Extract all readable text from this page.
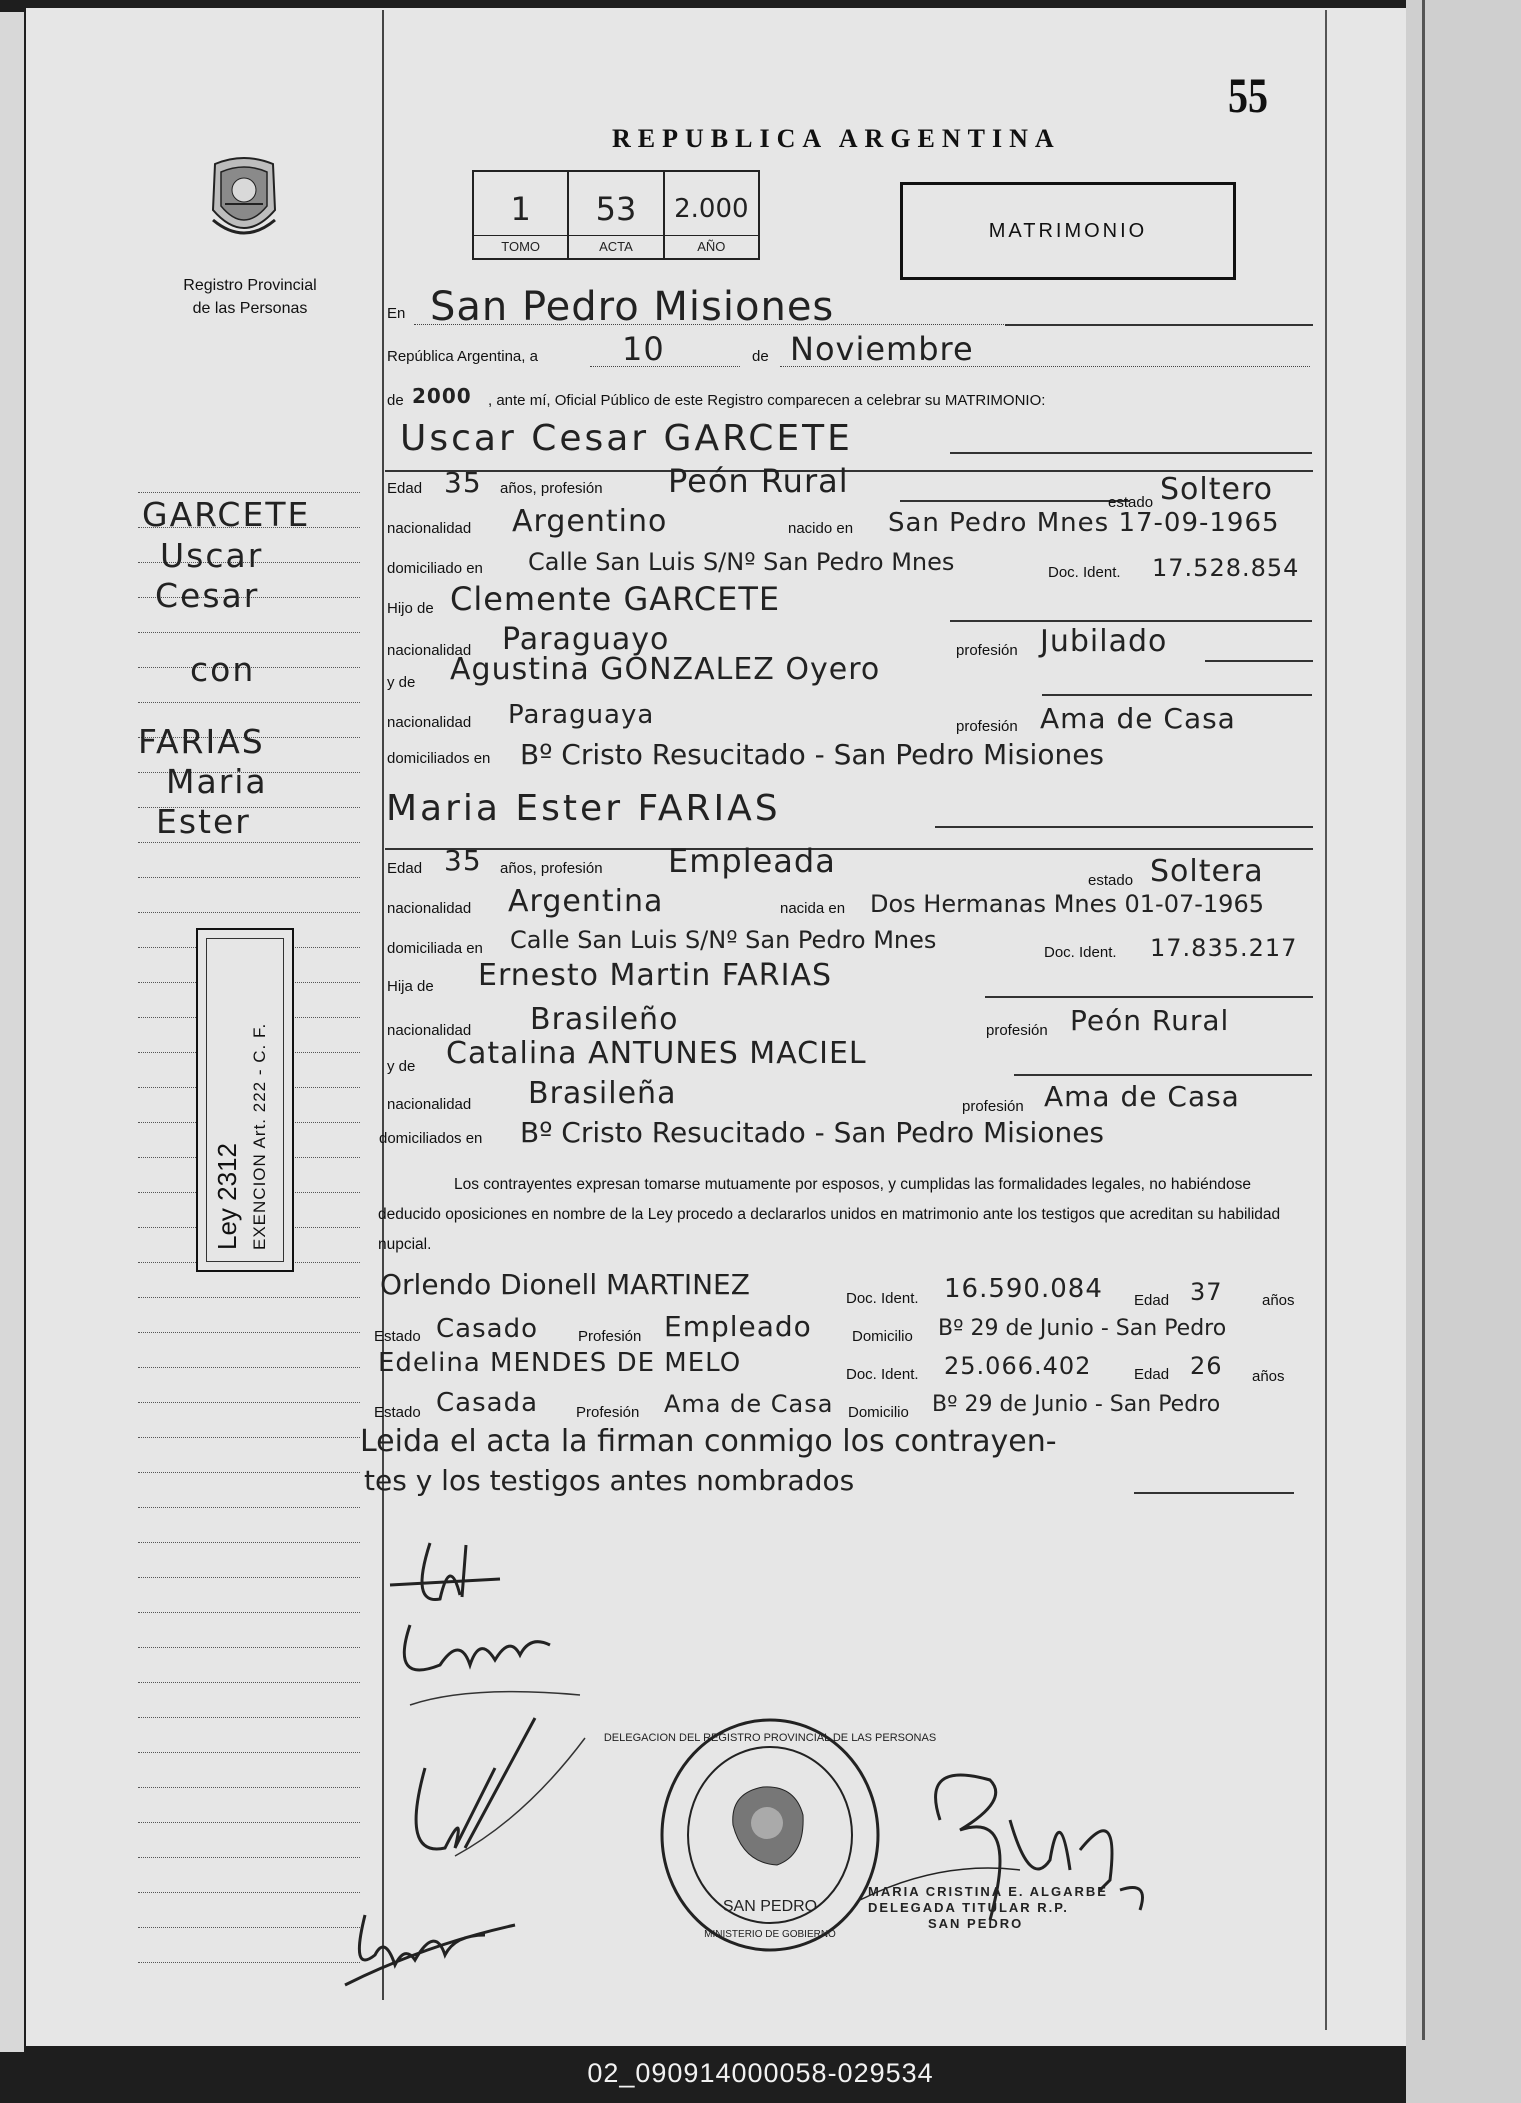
55
REPUBLICA ARGENTINA
Registro Provincial
de las Personas
1
TOMO
53
ACTA
2.000
AÑO
MATRIMONIO
GARCETE
Uscar
Cesar
con
FARIAS
Maria
Ester
Ley 2312 EXENCION Art. 222 - C. F.
En San Pedro Misiones
República Argentina, a	10	de Noviembre
de 2000 , ante mí, Oficial Público de este Registro comparecen a celebrar su MATRIMONIO:
Uscar Cesar GARCETE
Edad 35 años, profesión Peón Rural
estado Soltero
nacionalidad Argentino	nacido en San Pedro Mnes 17-09-1965
domiciliado en Calle San Luis S/Nº San Pedro Mnes	Doc. Ident. 17.528.854
Hijo de Clemente GARCETE
nacionalidad Paraguayo	profesión Jubilado
y de Agustina GONZALEZ Oyero
nacionalidad Paraguaya	profesión Ama de Casa
domiciliados en Bº Cristo Resucitado - San Pedro Misiones
Maria Ester FARIAS
Edad 35 años, profesión Empleada
estado Soltera
nacionalidad Argentina	nacida en Dos Hermanas Mnes 01-07-1965
domiciliada en Calle San Luis S/Nº San Pedro Mnes	Doc. Ident. 17.835.217
Hija de Ernesto Martin FARIAS
nacionalidad Brasileño	profesión Peón Rural
y de Catalina ANTUNES MACIEL
nacionalidad Brasileña	profesión Ama de Casa
domiciliados en Bº Cristo Resucitado - San Pedro Misiones
Los contrayentes expresan tomarse mutuamente por esposos, y cumplidas las formalidades legales, no habiéndose deducido oposiciones en nombre de la Ley procedo a declararlos unidos en matrimonio ante los testigos que acreditan su habilidad nupcial.
Orlendo Dionell MARTINEZ	Doc. Ident. 16.590.084 Edad 37	años
Estado Casado	Profesión Empleado	Domicilio Bº 29 de Junio - San Pedro
Edelina MENDES DE MELO	Doc. Ident. 25.066.402	Edad 26 años
Estado Casada	Profesión Ama de Casa Domicilio Bº 29 de Junio - San Pedro
Leida el acta la firman conmigo los contrayen-
tes y los testigos antes nombrados
DELEGACION DEL REGISTRO PROVINCIAL DE LAS PERSONAS
SAN PEDRO
MINISTERIO DE GOBIERNO
MARIA CRISTINA E. ALGARBE
DELEGADA TITULAR R.P.
SAN PEDRO
02_090914000058-029534
